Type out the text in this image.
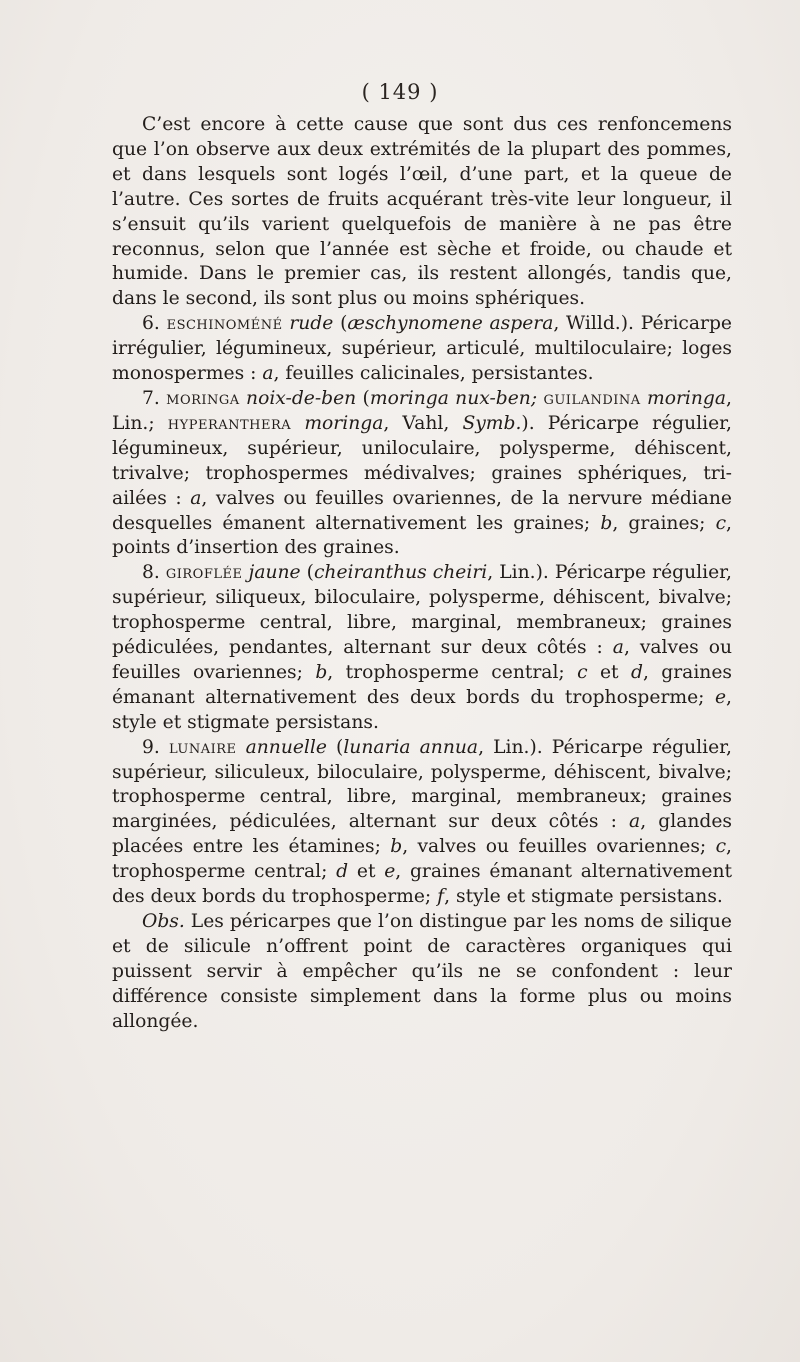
( 149 )

C’est encore à cette cause que sont dus ces renfoncemens que l’on observe aux deux extrémités de la plupart des pommes, et dans lesquels sont logés l’œil, d’une part, et la queue de l’autre. Ces sortes de fruits acquérant très-vite leur longueur, il s’ensuit qu’ils varient quelquefois de manière à ne pas être reconnus, selon que l’année est sèche et froide, ou chaude et humide. Dans le premier cas, ils restent allongés, tandis que, dans le second, ils sont plus ou moins sphériques.

6. eschinoméné rude (æschynomene aspera, Willd.). Péricarpe irrégulier, légumineux, supérieur, articulé, multiloculaire; loges monospermes : a, feuilles calicinales, persistantes.

7. moringa noix-de-ben (moringa nux-ben; guilandina moringa, Lin.; hyperanthera moringa, Vahl, Symb.). Péricarpe régulier, légumineux, supérieur, uniloculaire, polysperme, déhiscent, trivalve; trophospermes médivalves; graines sphériques, tri-ailées : a, valves ou feuilles ovariennes, de la nervure médiane desquelles émanent alternativement les graines; b, graines; c, points d’insertion des graines.

8. giroflée jaune (cheiranthus cheiri, Lin.). Péricarpe régulier, supérieur, siliqueux, biloculaire, polysperme, déhiscent, bivalve; trophosperme central, libre, marginal, membraneux; graines pédiculées, pendantes, alternant sur deux côtés : a, valves ou feuilles ovariennes; b, trophosperme central; c et d, graines émanant alternativement des deux bords du trophosperme; e, style et stigmate persistans.

9. lunaire annuelle (lunaria annua, Lin.). Péricarpe régulier, supérieur, siliculeux, biloculaire, polysperme, déhiscent, bivalve; trophosperme central, libre, marginal, membraneux; graines marginées, pédiculées, alternant sur deux côtés : a, glandes placées entre les étamines; b, valves ou feuilles ovariennes; c, trophosperme central; d et e, graines émanant alternativement des deux bords du trophosperme; f, style et stigmate persistans.

Obs. Les péricarpes que l’on distingue par les noms de silique et de silicule n’offrent point de caractères organiques qui puissent servir à empêcher qu’ils ne se confondent : leur différence consiste simplement dans la forme plus ou moins allongée.
